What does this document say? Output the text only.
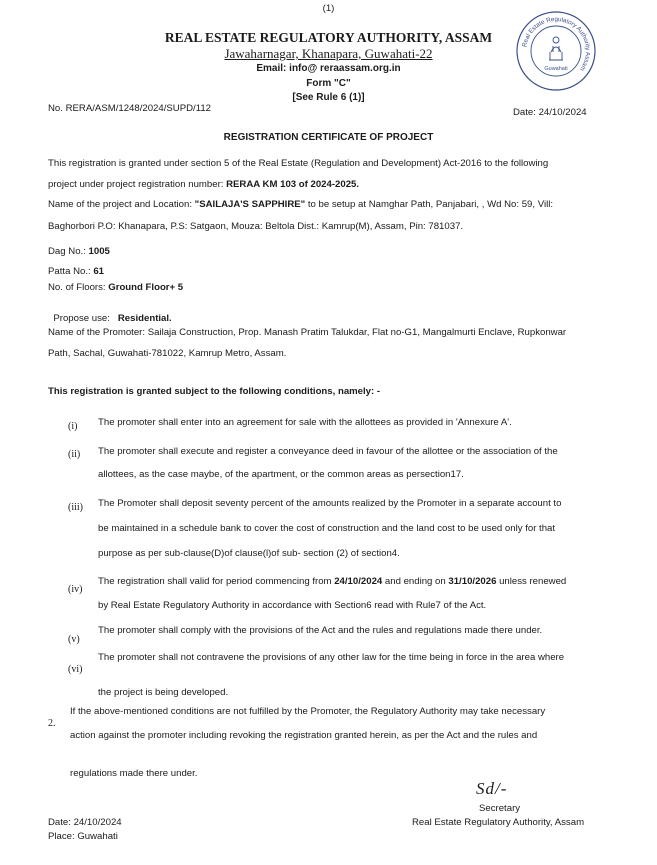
(1)
REAL ESTATE REGULATORY AUTHORITY, ASSAM
Jawaharnagar, Khanapara, Guwahati-22
Email: info@ reraassam.org.in
Form "C"
[See Rule 6 (1)]
Real Estate Regulatory Authority Assam
Guwahati
No. RERA/ASM/1248/2024/SUPD/112	Date: 24/10/2024
REGISTRATION CERTIFICATE OF PROJECT
This registration is granted under section 5 of the Real Estate (Regulation and Development) Act-2016 to the following
project under project registration number: RERAA KM 103 of 2024-2025.
Name of the project and Location: "SAILAJA'S SAPPHIRE" to be setup at Namghar Path, Panjabari, , Wd No: 59, Vill:
Baghorbori P.O: Khanapara, P.S: Satgaon, Mouza: Beltola Dist.: Kamrup(M), Assam, Pin: 781037.
Dag No.: 1005
Patta No.: 61
No. of Floors: Ground Floor+ 5

Propose use:   Residential.

Name of the Promoter: Sailaja Construction, Prop. Manash Pratim Talukdar, Flat no-G1, Mangalmurti Enclave, Rupkonwar
Path, Sachal, Guwahati-781022, Kamrup Metro, Assam.
This registration is granted subject to the following conditions, namely: -
(i) The promoter shall enter into an agreement for sale with the allottees as provided in 'Annexure A'.
(ii) The promoter shall execute and register a conveyance deed in favour of the allottee or the association of the
allottees, as the case maybe, of the apartment, or the common areas as persection17.
(iii) The Promoter shall deposit seventy percent of the amounts realized by the Promoter in a separate account to
be maintained in a schedule bank to cover the cost of construction and the land cost to be used only for that
purpose as per sub-clause(D)of clause(l)of sub- section (2) of section4.
(iv)
The registration shall valid for period commencing from 24/10/2024 and ending on 31/10/2026 unless renewed
by Real Estate Regulatory Authority in accordance with Section6 read with Rule7 of the Act.
(v)
The promoter shall comply with the provisions of the Act and the rules and regulations made there under.
(vi)
The promoter shall not contravene the provisions of any other law for the time being in force in the area where
the project is being developed.
2.
If the above-mentioned conditions are not fulfilled by the Promoter, the Regulatory Authority may take necessary
action against the promoter including revoking the registration granted herein, as per the Act and the rules and
regulations made there under.
Sd/-
Secretary
Real Estate Regulatory Authority, Assam
Date: 24/10/2024
Place: Guwahati
